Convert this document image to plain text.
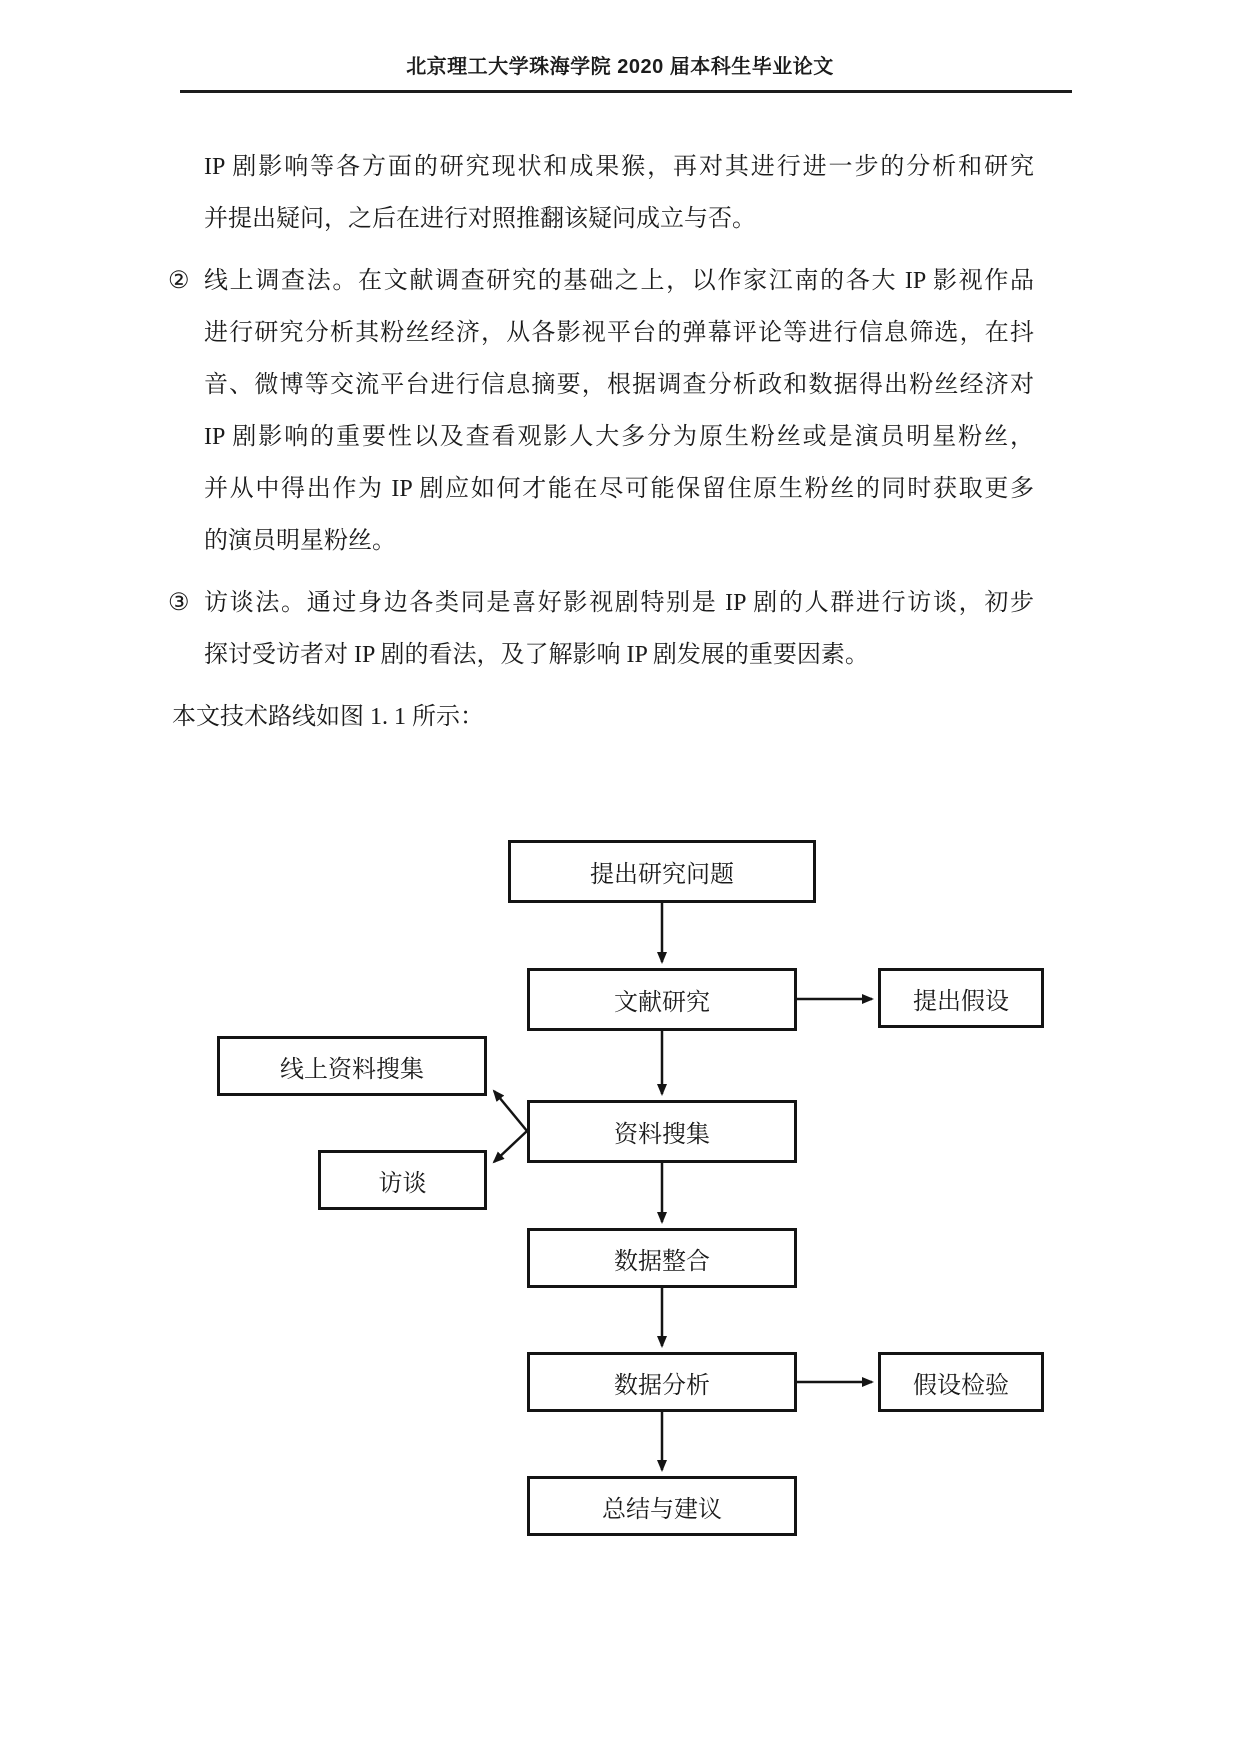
北京理工大学珠海学院 2020 届本科生毕业论文

IP 剧影响等各方面的研究现状和成果猴，再对其进行进一步的分析和研究
并提出疑问，之后在进行对照推翻该疑问成立与否。

② 线上调查法。在文献调查研究的基础之上，以作家江南的各大 IP 影视作品
进行研究分析其粉丝经济，从各影视平台的弹幕评论等进行信息筛选，在抖
音、微博等交流平台进行信息摘要，根据调查分析政和数据得出粉丝经济对
IP 剧影响的重要性以及查看观影人大多分为原生粉丝或是演员明星粉丝，
并从中得出作为 IP 剧应如何才能在尽可能保留住原生粉丝的同时获取更多
的演员明星粉丝。

③ 访谈法。通过身边各类同是喜好影视剧特别是 IP 剧的人群进行访谈，初步
探讨受访者对 IP 剧的看法，及了解影响 IP 剧发展的重要因素。

本文技术路线如图 1. 1 所示：

提出研究问题
文献研究	提出假设
线上资料搜集
资料搜集
访谈
数据整合
数据分析	假设检验
总结与建议
